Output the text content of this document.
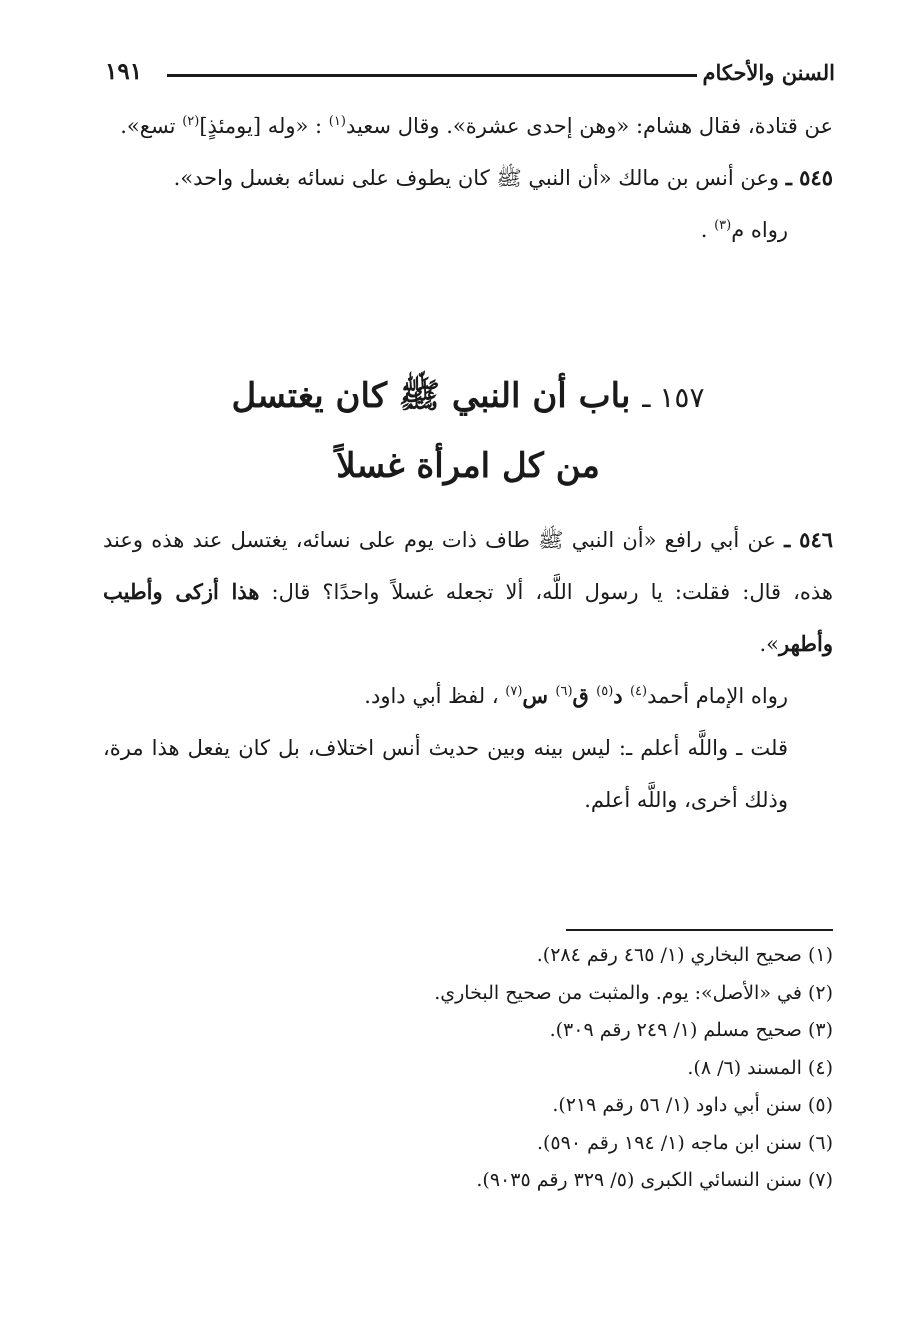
السنن والأحكام
١٩١

عن قتادة، فقال هشام: «وهن إحدى عشرة». وقال سعيد$^{(١)}$ : «وله [يومئذٍ]$^{(٢)}$ تسع».

٥٤٥ ـ وعن أنس بن مالك «أن النبي ﷺ كان يطوف على نسائه بغسل واحد».

رواه م$^{(٣)}$ .

١٥٧ ـ باب أن النبي ﷺ كان يغتسل
من كل امرأة غسلاً

٥٤٦ ـ عن أبي رافع «أن النبي ﷺ طاف ذات يوم على نسائه، يغتسل عند هذه وعند هذه، قال: فقلت: يا رسول اللَّه، ألا تجعله غسلاً واحدًا؟ قال: هذا أزكى وأطيب وأطهر».

رواه الإمام أحمد$^{(٤)}$ د$^{(٥)}$ ق$^{(٦)}$ س$^{(٧)}$ ، لفظ أبي داود.

قلت ـ واللَّه أعلم ـ: ليس بينه وبين حديث أنس اختلاف، بل كان يفعل هذا مرة، وذلك أخرى، واللَّه أعلم.

(١) صحيح البخاري (١/ ٤٦٥ رقم ٢٨٤).
(٢) في «الأصل»: يوم. والمثبت من صحيح البخاري.
(٣) صحيح مسلم (١/ ٢٤٩ رقم ٣٠٩).
(٤) المسند (٦/ ٨).
(٥) سنن أبي داود (١/ ٥٦ رقم ٢١٩).
(٦) سنن ابن ماجه (١/ ١٩٤ رقم ٥٩٠).
(٧) سنن النسائي الكبرى (٥/ ٣٢٩ رقم ٩٠٣٥).
